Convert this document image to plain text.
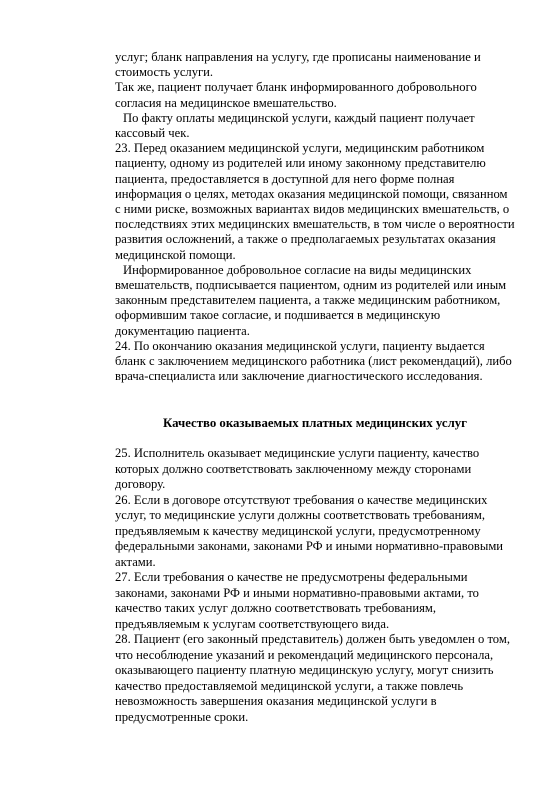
услуг; бланк направления на услугу, где прописаны наименование и стоимость услуги.

Так же, пациент получает бланк информированного добровольного согласия на медицинское вмешательство.

По факту оплаты медицинской услуги, каждый пациент получает кассовый чек.

23. Перед оказанием медицинской услуги, медицинским работником пациенту, одному из родителей или иному законному представителю пациента, предоставляется в доступной для него форме полная информация о целях, методах оказания медицинской помощи, связанном с ними риске, возможных вариантах видов медицинских вмешательств, о последствиях этих медицинских вмешательств, в том числе о вероятности развития осложнений, а также о предполагаемых результатах оказания медицинской помощи.

Информированное добровольное согласие на виды медицинских вмешательств, подписывается пациентом, одним из родителей или иным законным представителем пациента, а также медицинским работником, оформившим такое согласие, и подшивается в медицинскую документацию пациента.

24. По окончанию оказания медицинской услуги, пациенту выдается бланк с заключением медицинского работника (лист рекомендаций), либо врача-специалиста или заключение диагностического исследования.

Качество оказываемых платных медицинских услуг

25. Исполнитель оказывает медицинские услуги пациенту, качество которых должно соответствовать заключенному между сторонами договору.

26. Если в договоре отсутствуют требования о качестве медицинских услуг, то медицинские услуги должны соответствовать требованиям, предъявляемым к качеству медицинской услуги, предусмотренному федеральными законами, законами РФ и иными нормативно-правовыми актами.

27. Если требования о качестве не предусмотрены федеральными законами, законами РФ и иными нормативно-правовыми актами, то качество таких услуг должно соответствовать требованиям, предъявляемым к услугам соответствующего вида.

28. Пациент (его законный представитель) должен быть уведомлен о том, что несоблюдение указаний и рекомендаций медицинского персонала, оказывающего пациенту платную медицинскую услугу, могут снизить качество предоставляемой медицинской услуги, а также повлечь невозможность завершения оказания медицинской услуги в предусмотренные сроки.
